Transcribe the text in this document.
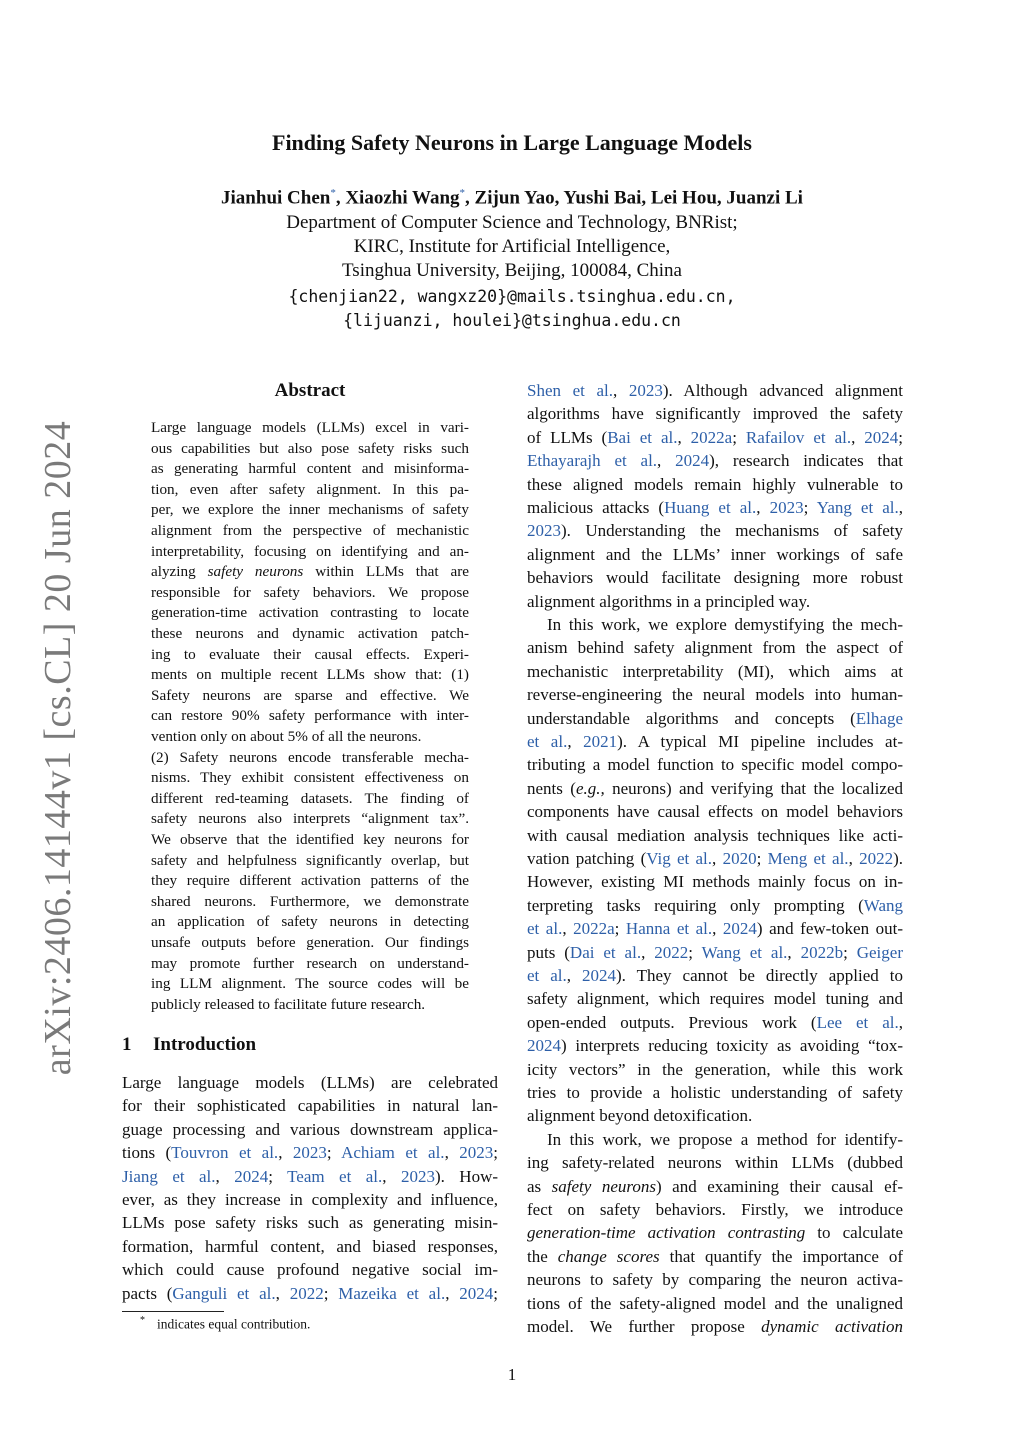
Finding Safety Neurons in Large Language Models
Jianhui Chen*, Xiaozhi Wang*, Zijun Yao, Yushi Bai, Lei Hou, Juanzi Li
Department of Computer Science and Technology, BNRist;
KIRC, Institute for Artificial Intelligence,
Tsinghua University, Beijing, 100084, China
{chenjian22, wangxz20}@mails.tsinghua.edu.cn,
{lijuanzi, houlei}@tsinghua.edu.cn
arXiv:2406.14144v1 [cs.CL] 20 Jun 2024
Abstract
Large language models (LLMs) excel in vari-
ous capabilities but also pose safety risks such
as generating harmful content and misinforma-
tion, even after safety alignment. In this pa-
per, we explore the inner mechanisms of safety
alignment from the perspective of mechanistic
interpretability, focusing on identifying and an-
alyzing safety neurons within LLMs that are
responsible for safety behaviors. We propose
generation-time activation contrasting to locate
these neurons and dynamic activation patch-
ing to evaluate their causal effects. Experi-
ments on multiple recent LLMs show that: (1)
Safety neurons are sparse and effective. We
can restore 90% safety performance with inter-
vention only on about 5% of all the neurons.
(2) Safety neurons encode transferable mecha-
nisms. They exhibit consistent effectiveness on
different red-teaming datasets. The finding of
safety neurons also interprets “alignment tax”.
We observe that the identified key neurons for
safety and helpfulness significantly overlap, but
they require different activation patterns of the
shared neurons. Furthermore, we demonstrate
an application of safety neurons in detecting
unsafe outputs before generation. Our findings
may promote further research on understand-
ing LLM alignment. The source codes will be
publicly released to facilitate future research.
1 Introduction
Large language models (LLMs) are celebrated
for their sophisticated capabilities in natural lan-
guage processing and various downstream applica-
tions (Touvron et al., 2023; Achiam et al., 2023;
Jiang et al., 2024; Team et al., 2023). How-
ever, as they increase in complexity and influence,
LLMs pose safety risks such as generating misin-
formation, harmful content, and biased responses,
which could cause profound negative social im-
pacts (Ganguli et al., 2022; Mazeika et al., 2024;
Shen et al., 2023). Although advanced alignment
algorithms have significantly improved the safety
of LLMs (Bai et al., 2022a; Rafailov et al., 2024;
Ethayarajh et al., 2024), research indicates that
these aligned models remain highly vulnerable to
malicious attacks (Huang et al., 2023; Yang et al.,
2023). Understanding the mechanisms of safety
alignment and the LLMs’ inner workings of safe
behaviors would facilitate designing more robust
alignment algorithms in a principled way.
In this work, we explore demystifying the mech-
anism behind safety alignment from the aspect of
mechanistic interpretability (MI), which aims at
reverse-engineering the neural models into human-
understandable algorithms and concepts (Elhage
et al., 2021). A typical MI pipeline includes at-
tributing a model function to specific model compo-
nents (e.g., neurons) and verifying that the localized
components have causal effects on model behaviors
with causal mediation analysis techniques like acti-
vation patching (Vig et al., 2020; Meng et al., 2022).
However, existing MI methods mainly focus on in-
terpreting tasks requiring only prompting (Wang
et al., 2022a; Hanna et al., 2024) and few-token out-
puts (Dai et al., 2022; Wang et al., 2022b; Geiger
et al., 2024). They cannot be directly applied to
safety alignment, which requires model tuning and
open-ended outputs. Previous work (Lee et al.,
2024) interprets reducing toxicity as avoiding “tox-
icity vectors” in the generation, while this work
tries to provide a holistic understanding of safety
alignment beyond detoxification.
In this work, we propose a method for identify-
ing safety-related neurons within LLMs (dubbed
as safety neurons) and examining their causal ef-
fect on safety behaviors. Firstly, we introduce
generation-time activation contrasting to calculate
the change scores that quantify the importance of
neurons to safety by comparing the neuron activa-
tions of the safety-aligned model and the unaligned
model. We further propose dynamic activation
* indicates equal contribution.
1
